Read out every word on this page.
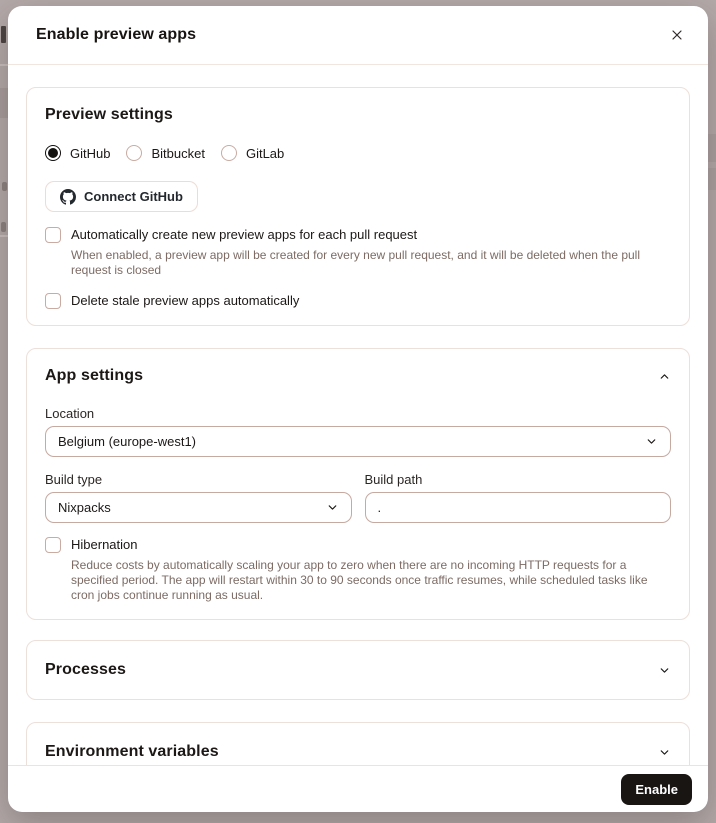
Enable preview apps
Preview settings
GitHub	Bitbucket	GitLab
Connect GitHub
Automatically create new preview apps for each pull request
When enabled, a preview app will be created for every new pull request, and it will be deleted when the pull request is closed
Delete stale preview apps automatically
App settings
Location
Belgium (europe-west1)
Build type
Nixpacks
Build path
.
Hibernation
Reduce costs by automatically scaling your app to zero when there are no incoming HTTP requests for a specified period. The app will restart within 30 to 90 seconds once traffic resumes, while scheduled tasks like cron jobs continue running as usual.
Processes
Environment variables
Enable
